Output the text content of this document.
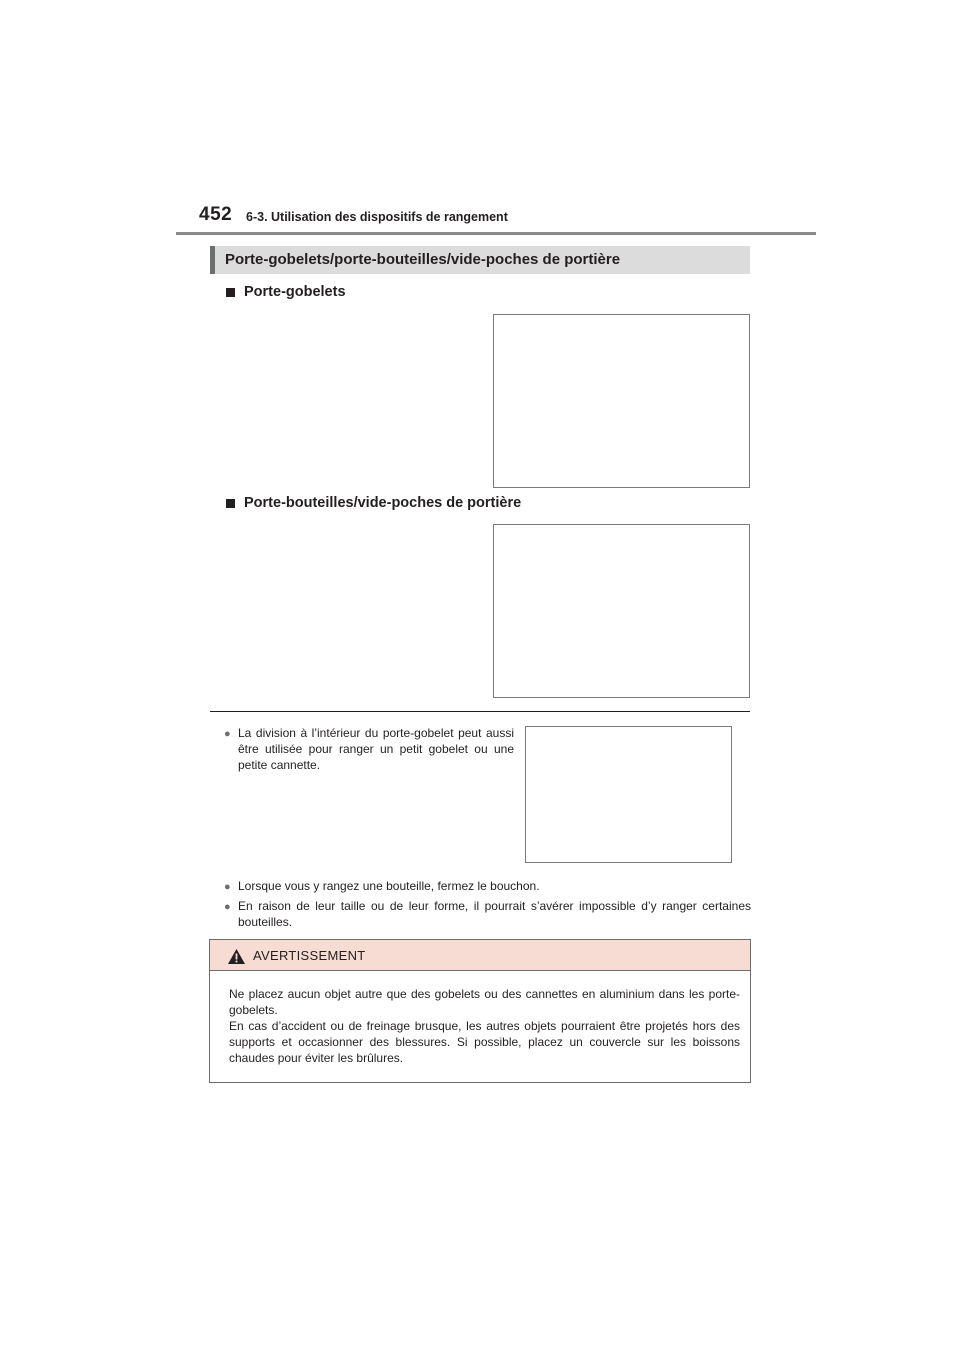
452 6-3. Utilisation des dispositifs de rangement
Porte-gobelets/porte-bouteilles/vide-poches de portière
Porte-gobelets
Porte-bouteilles/vide-poches de portière
● La division à l’intérieur du porte-gobelet peut aussi être utilisée pour ranger un petit gobelet ou une petite cannette.
● Lorsque vous y rangez une bouteille, fermez le bouchon.
● En raison de leur taille ou de leur forme, il pourrait s’avérer impossible d’y ranger certaines bouteilles.
AVERTISSEMENT
Ne placez aucun objet autre que des gobelets ou des cannettes en aluminium dans les porte-gobelets.
En cas d’accident ou de freinage brusque, les autres objets pourraient être projetés hors des supports et occasionner des blessures. Si possible, placez un couvercle sur les boissons chaudes pour éviter les brûlures.
